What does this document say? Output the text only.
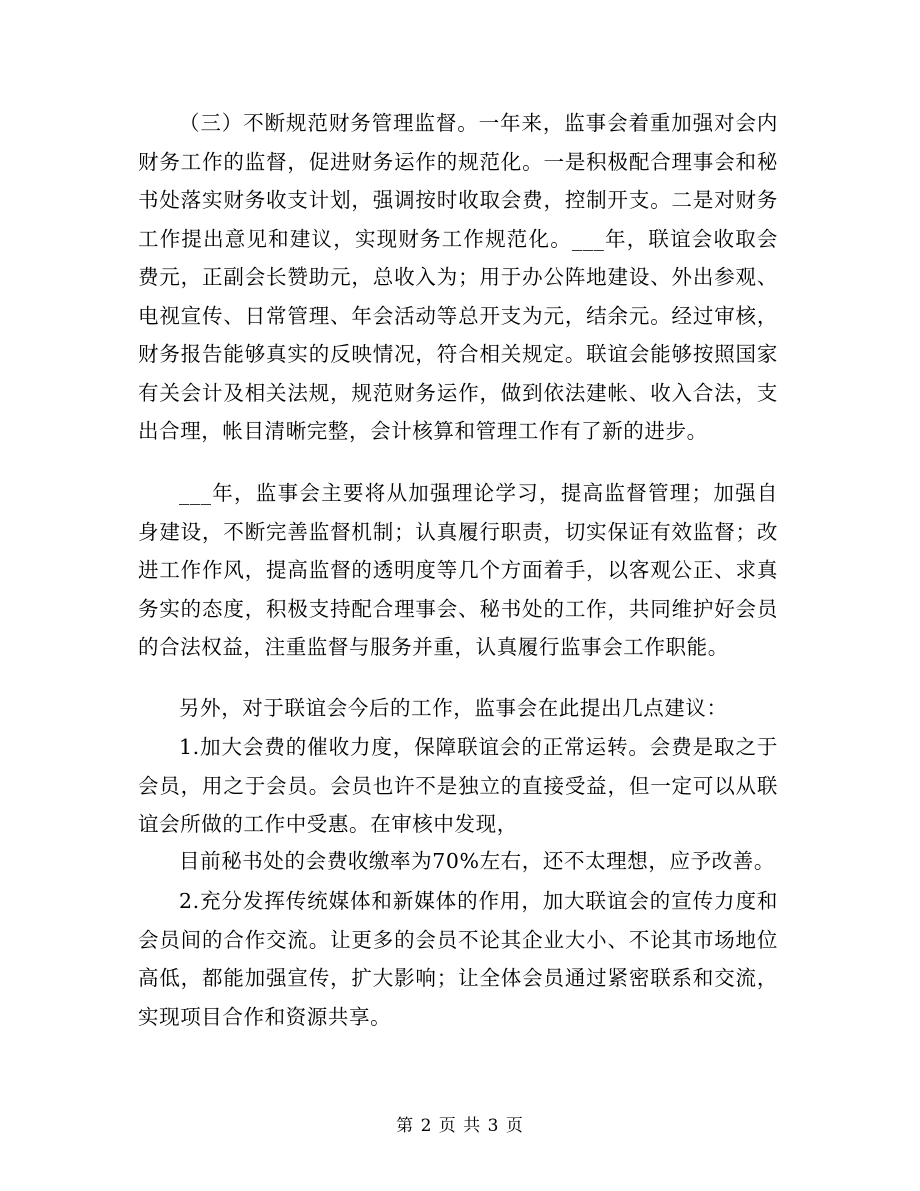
（三）不断规范财务管理监督。一年来，监事会着重加强对会内财务工作的监督，促进财务运作的规范化。一是积极配合理事会和秘书处落实财务收支计划，强调按时收取会费，控制开支。二是对财务工作提出意见和建议，实现财务工作规范化。___年，联谊会收取会费元，正副会长赞助元，总收入为；用于办公阵地建设、外出参观、电视宣传、日常管理、年会活动等总开支为元，结余元。经过审核，财务报告能够真实的反映情况，符合相关规定。联谊会能够按照国家有关会计及相关法规，规范财务运作，做到依法建帐、收入合法，支出合理，帐目清晰完整，会计核算和管理工作有了新的进步。

___年，监事会主要将从加强理论学习，提高监督管理；加强自身建设，不断完善监督机制；认真履行职责，切实保证有效监督；改进工作作风，提高监督的透明度等几个方面着手，以客观公正、求真务实的态度，积极支持配合理事会、秘书处的工作，共同维护好会员的合法权益，注重监督与服务并重，认真履行监事会工作职能。

另外，对于联谊会今后的工作，监事会在此提出几点建议：

1.加大会费的催收力度，保障联谊会的正常运转。会费是取之于会员，用之于会员。会员也许不是独立的直接受益，但一定可以从联谊会所做的工作中受惠。在审核中发现，

目前秘书处的会费收缴率为70%左右，还不太理想，应予改善。

2.充分发挥传统媒体和新媒体的作用，加大联谊会的宣传力度和会员间的合作交流。让更多的会员不论其企业大小、不论其市场地位高低，都能加强宣传，扩大影响；让全体会员通过紧密联系和交流，实现项目合作和资源共享。

第 2 页 共 3 页
